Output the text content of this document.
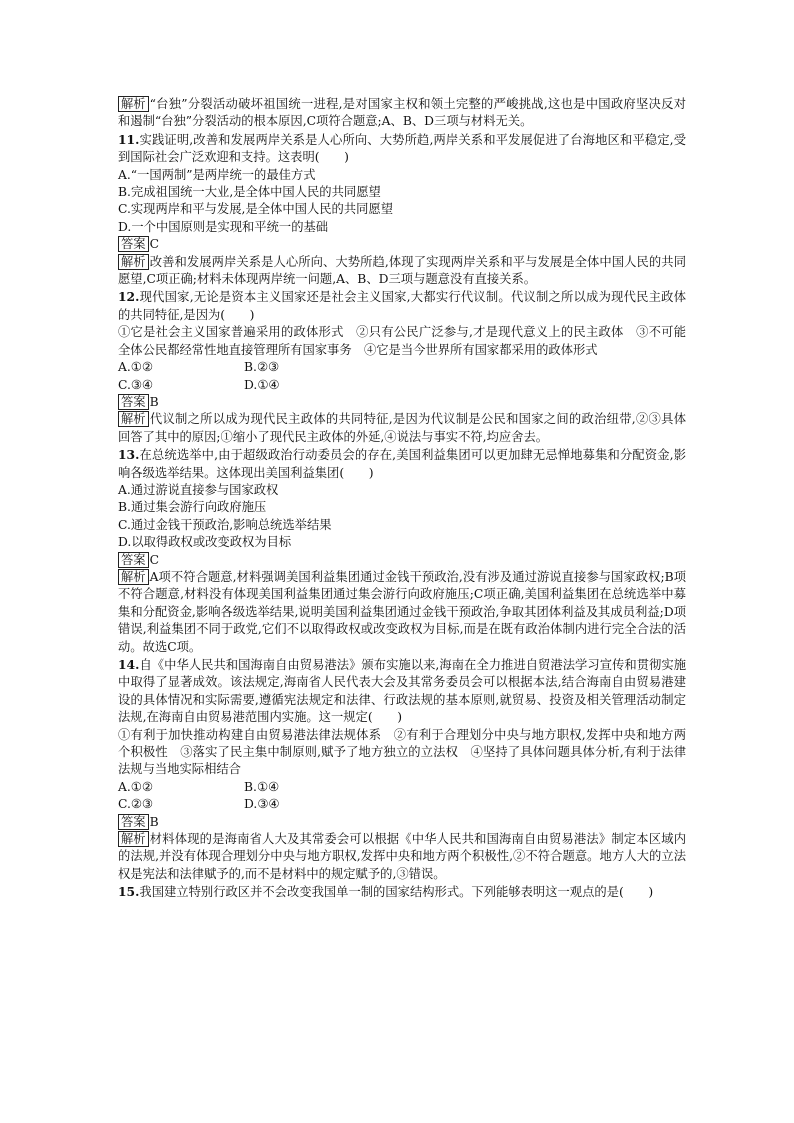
解析 “台独”分裂活动破坏祖国统一进程,是对国家主权和领土完整的严峻挑战,这也是中国政府坚决反对和遏制“台独”分裂活动的根本原因,C项符合题意;A、B、D三项与材料无关。

11.实践证明,改善和发展两岸关系是人心所向、大势所趋,两岸关系和平发展促进了台海地区和平稳定,受到国际社会广泛欢迎和支持。这表明(　　)

A.“一国两制”是两岸统一的最佳方式

B.完成祖国统一大业,是全体中国人民的共同愿望

C.实现两岸和平与发展,是全体中国人民的共同愿望

D.一个中国原则是实现和平统一的基础

答案 C

解析 改善和发展两岸关系是人心所向、大势所趋,体现了实现两岸关系和平与发展是全体中国人民的共同愿望,C项正确;材料未体现两岸统一问题,A、B、D三项与题意没有直接关系。

12.现代国家,无论是资本主义国家还是社会主义国家,大都实行代议制。代议制之所以成为现代民主政体的共同特征,是因为(　　)

①它是社会主义国家普遍采用的政体形式　②只有公民广泛参与,才是现代意义上的民主政体　③不可能全体公民都经常性地直接管理所有国家事务　④它是当今世界所有国家都采用的政体形式

A.①②	B.②③
C.③④	D.①④

答案 B

解析 代议制之所以成为现代民主政体的共同特征,是因为代议制是公民和国家之间的政治纽带,②③具体回答了其中的原因;①缩小了现代民主政体的外延,④说法与事实不符,均应舍去。

13.在总统选举中,由于超级政治行动委员会的存在,美国利益集团可以更加肆无忌惮地募集和分配资金,影响各级选举结果。这体现出美国利益集团(　　)

A.通过游说直接参与国家政权

B.通过集会游行向政府施压

C.通过金钱干预政治,影响总统选举结果

D.以取得政权或改变政权为目标

答案 C

解析 A项不符合题意,材料强调美国利益集团通过金钱干预政治,没有涉及通过游说直接参与国家政权;B项不符合题意,材料没有体现美国利益集团通过集会游行向政府施压;C项正确,美国利益集团在总统选举中募集和分配资金,影响各级选举结果,说明美国利益集团通过金钱干预政治,争取其团体利益及其成员利益;D项错误,利益集团不同于政党,它们不以取得政权或改变政权为目标,而是在既有政治体制内进行完全合法的活动。故选C项。

14.自《中华人民共和国海南自由贸易港法》颁布实施以来,海南在全力推进自贸港法学习宣传和贯彻实施中取得了显著成效。该法规定,海南省人民代表大会及其常务委员会可以根据本法,结合海南自由贸易港建设的具体情况和实际需要,遵循宪法规定和法律、行政法规的基本原则,就贸易、投资及相关管理活动制定法规,在海南自由贸易港范围内实施。这一规定(　　)

①有利于加快推动构建自由贸易港法律法规体系　②有利于合理划分中央与地方职权,发挥中央和地方两个积极性　③落实了民主集中制原则,赋予了地方独立的立法权　④坚持了具体问题具体分析,有利于法律法规与当地实际相结合

A.①②	B.①④
C.②③	D.③④

答案 B

解析 材料体现的是海南省人大及其常委会可以根据《中华人民共和国海南自由贸易港法》制定本区域内的法规,并没有体现合理划分中央与地方职权,发挥中央和地方两个积极性,②不符合题意。地方人大的立法权是宪法和法律赋予的,而不是材料中的规定赋予的,③错误。

15.我国建立特别行政区并不会改变我国单一制的国家结构形式。下列能够表明这一观点的是(　　)
